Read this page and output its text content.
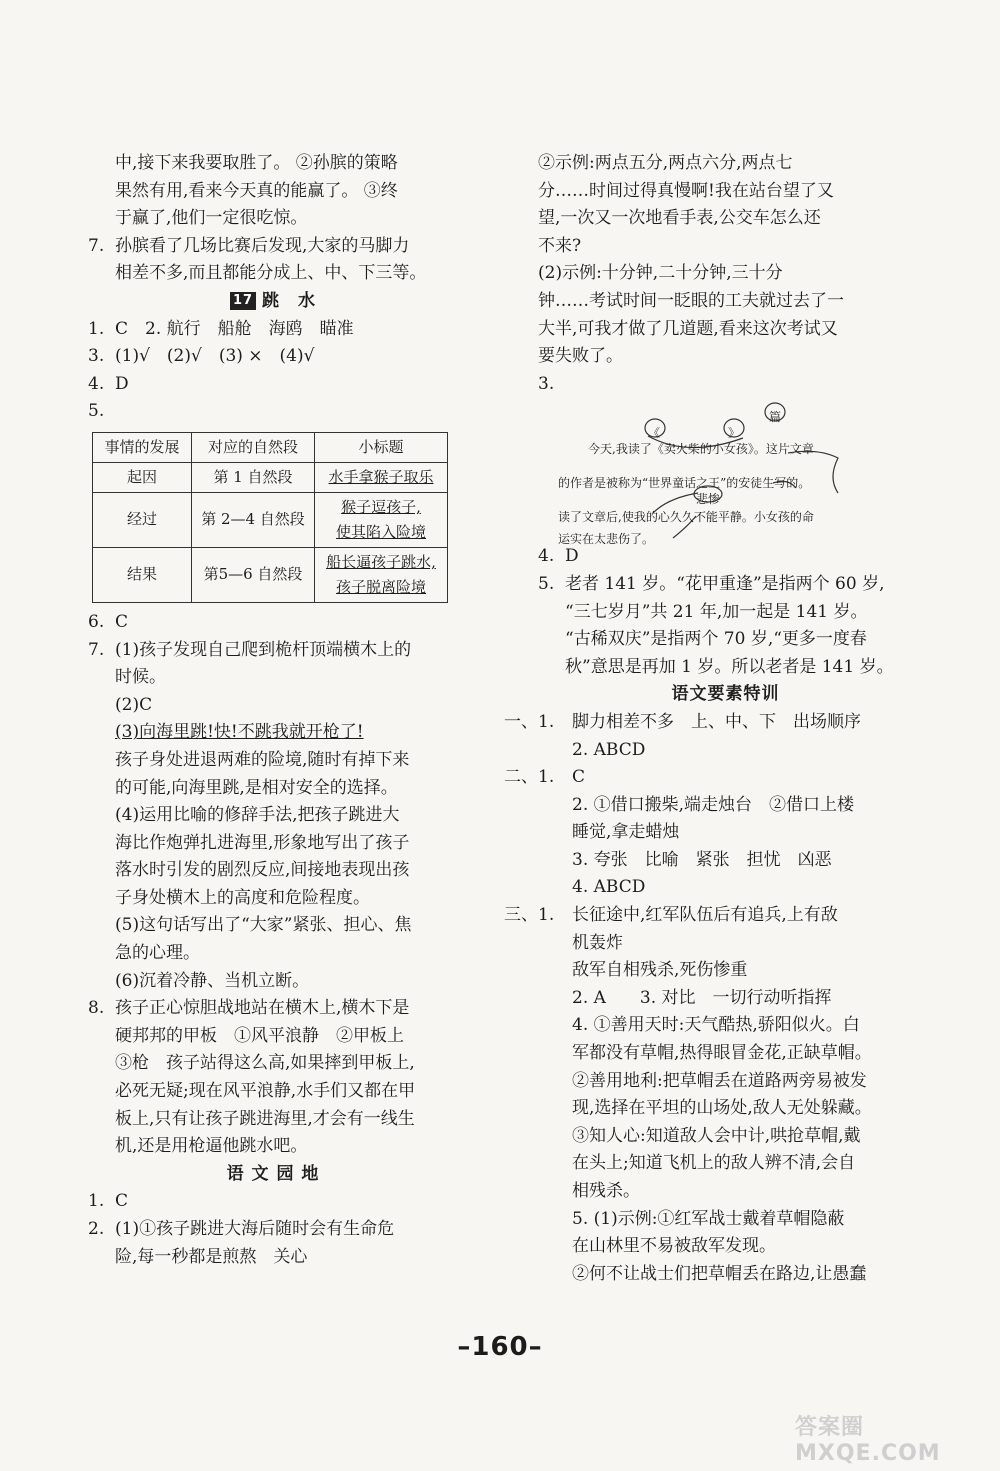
中,接下来我要取胜了。 ②孙膑的策略
果然有用,看来今天真的能赢了。 ③终
于赢了,他们一定很吃惊。
7. 孙膑看了几场比赛后发现,大家的马脚力
相差不多,而且都能分成上、中、下三等。
17 跳　水
1. C　2. 航行　船舱　海鸥　瞄准
3. (1)√　(2)√　(3) ×　(4)√
4. D
5.
事情的发展	对应的自然段	小标题
起因	第 1 自然段	水手拿猴子取乐
经过	第 2—4 自然段	猴子逗孩子,
使其陷入险境
结果	第5—6 自然段	船长逼孩子跳水,
孩子脱离险境
6. C
7. (1)孩子发现自己爬到桅杆顶端横木上的
时候。
(2)C
(3)向海里跳!快!不跳我就开枪了!
孩子身处进退两难的险境,随时有掉下来
的可能,向海里跳,是相对安全的选择。
(4)运用比喻的修辞手法,把孩子跳进大
海比作炮弹扎进海里,形象地写出了孩子
落水时引发的剧烈反应,间接地表现出孩
子身处横木上的高度和危险程度。
(5)这句话写出了“大家”紧张、担心、焦
急的心理。
(6)沉着冷静、当机立断。
8. 孩子正心惊胆战地站在横木上,横木下是
硬邦邦的甲板　①风平浪静　②甲板上
③枪　孩子站得这么高,如果摔到甲板上,
必死无疑;现在风平浪静,水手们又都在甲
板上,只有让孩子跳进海里,才会有一线生
机,还是用枪逼他跳水吧。
语 文 园 地
1. C
2. (1)①孩子跳进大海后随时会有生命危
险,每一秒都是煎熬　关心
②示例:两点五分,两点六分,两点七
分……时间过得真慢啊!我在站台望了又
望,一次又一次地看手表,公交车怎么还
不来?
(2)示例:十分钟,二十分钟,三十分
钟……考试时间一眨眼的工夫就过去了一
大半,可我才做了几道题,看来这次考试又
要失败了。
3.
《	》
篇
悲惨
今天,我读了《卖火柴的小女孩》。这片文章
的作者是被称为“世界童话之王”的安徒生写的。
读了文章后,使我的心久久不能平静。小女孩的命
运实在太悲伤了。
4. D
5. 老者 141 岁。“花甲重逢”是指两个 60 岁,
“三七岁月”共 21 年,加一起是 141 岁。
“古稀双庆”是指两个 70 岁,“更多一度春
秋”意思是再加 1 岁。所以老者是 141 岁。
语文要素特训
一、1.	脚力相差不多　上、中、下　出场顺序
2. ABCD
二、1.	C
2. ①借口搬柴,端走烛台　②借口上楼
睡觉,拿走蜡烛
3. 夸张　比喻　紧张　担忧　凶恶
4. ABCD
三、1.	长征途中,红军队伍后有追兵,上有敌
机轰炸
敌军自相残杀,死伤惨重
2. A　　3. 对比　一切行动听指挥
4. ①善用天时:天气酷热,骄阳似火。白
军都没有草帽,热得眼冒金花,正缺草帽。
②善用地利:把草帽丢在道路两旁易被发
现,选择在平坦的山场处,敌人无处躲藏。
③知人心:知道敌人会中计,哄抢草帽,戴
在头上;知道飞机上的敌人辨不清,会自
相残杀。
5. (1)示例:①红军战士戴着草帽隐蔽
在山林里不易被敌军发现。
②何不让战士们把草帽丢在路边,让愚蠢
–160–
答案圈 MXQE.COM
